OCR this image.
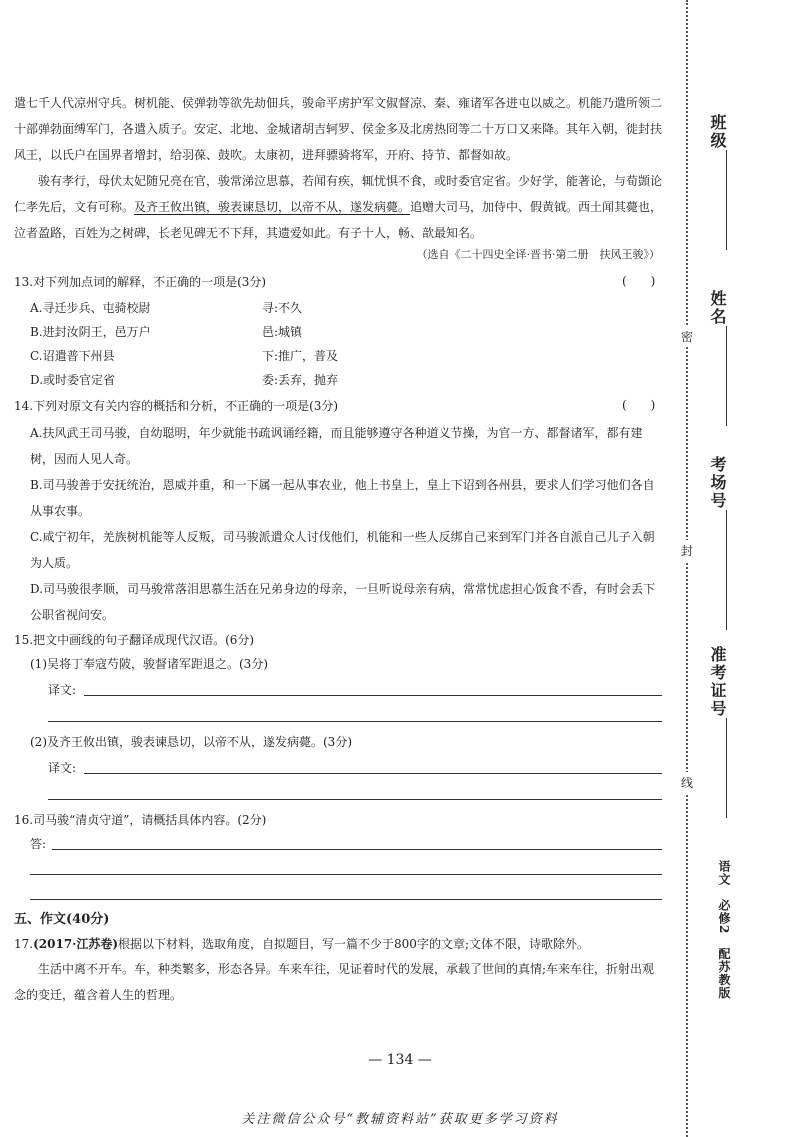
遣七千人代凉州守兵。树机能、侯弹勃等欲先劫佃兵，骏命平虏护军文俶督凉、秦、雍诸军各进屯以威之。机能乃遣所领二十部弹勃面缚军门，各遣入质子。安定、北地、金城诸胡吉轲罗、侯金多及北虏热冏等二十万口又来降。其年入朝，徙封扶风王，以氏户在国界者增封，给羽葆、鼓吹。太康初，进拜骠骑将军，开府、持节、都督如故。

骏有孝行，母伏太妃随兄亮在官，骏常涕泣思慕，若闻有疾，辄忧惧不食，或时委官定省。少好学，能著论，与荀顗论仁孝先后，文有可称。及齐王攸出镇，骏表谏恳切，以帝不从，遂发病薨。追赠大司马，加侍中、假黄钺。西土闻其薨也，泣者盈路，百姓为之树碑，长老见碑无不下拜，其遗爱如此。有子十人，畅、歆最知名。

（选自《二十四史全译·晋书·第二册　扶风王骏》）
13.对下列加点词的解释，不正确的一项是(3分)	(　　)
A.寻迁步兵、屯骑校尉	寻:不久
B.进封汝阴王，邑万户	邑:城镇
C.诏遣普下州县	下:推广，普及
D.或时委官定省	委:丢弃，抛弃
14.下列对原文有关内容的概括和分析，不正确的一项是(3分)	(　　)

A.扶风武王司马骏，自幼聪明，年少就能书疏讽诵经籍，而且能够遵守各种道义节操，为官一方、都督诸军，都有建树，因而人见人奇。

B.司马骏善于安抚统治，恩威并重，和一下属一起从事农业，他上书皇上，皇上下诏到各州县，要求人们学习他们各自从事农事。

C.咸宁初年，羌族树机能等人反叛，司马骏派遣众人讨伐他们，机能和一些人反绑自己来到军门并各自派自己儿子入朝为人质。

D.司马骏很孝顺，司马骏常落泪思慕生活在兄弟身边的母亲，一旦听说母亲有病，常常忧虑担心饭食不香，有时会丢下公职省视问安。

15.把文中画线的句子翻译成现代汉语。(6分)
(1)吴将丁奉寇芍陂，骏督诸军距退之。(3分)
译文:
(2)及齐王攸出镇，骏表谏恳切，以帝不从，遂发病薨。(3分)
译文:
16.司马骏“清贞守道”，请概括具体内容。(2分)
答:
五、作文(40分)
17.(2017·江苏卷)根据以下材料，选取角度，自拟题目，写一篇不少于800字的文章;文体不限，诗歌除外。

生活中离不开车。车，种类繁多，形态各异。车来车往，见证着时代的发展，承载了世间的真情;车来车往，折射出观念的变迁，蕴含着人生的哲理。

— 134 —
关注微信公众号“教辅资料站”获取更多学习资料
密
封
线
班级
姓名
考场号
准考证号
语文　必修2　配苏教版
